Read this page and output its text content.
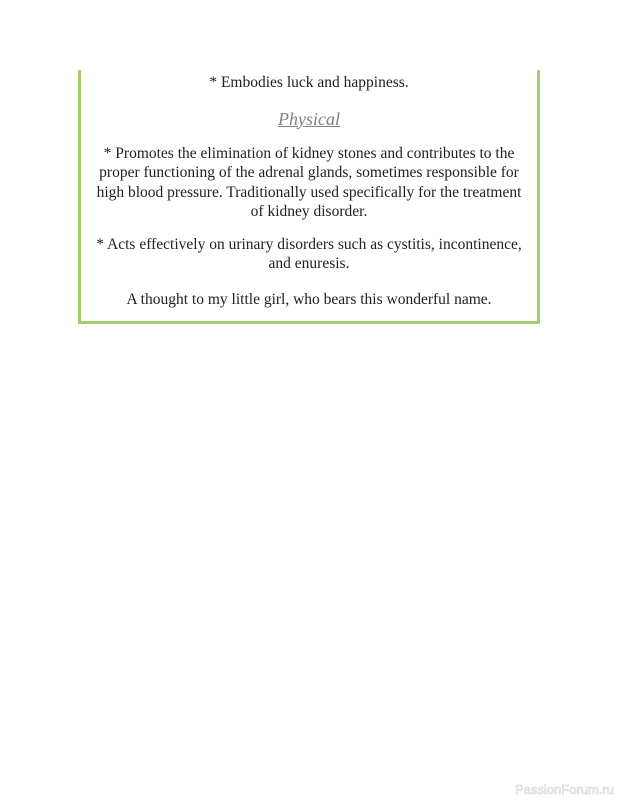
* Embodies luck and happiness.

Physical

* Promotes the elimination of kidney stones and contributes to the proper functioning of the adrenal glands, sometimes responsible for high blood pressure. Traditionally used specifically for the treatment of kidney disorder.

* Acts effectively on urinary disorders such as cystitis, incontinence, and enuresis.

A thought to my little girl, who bears this wonderful name.

PassionForum.ru
